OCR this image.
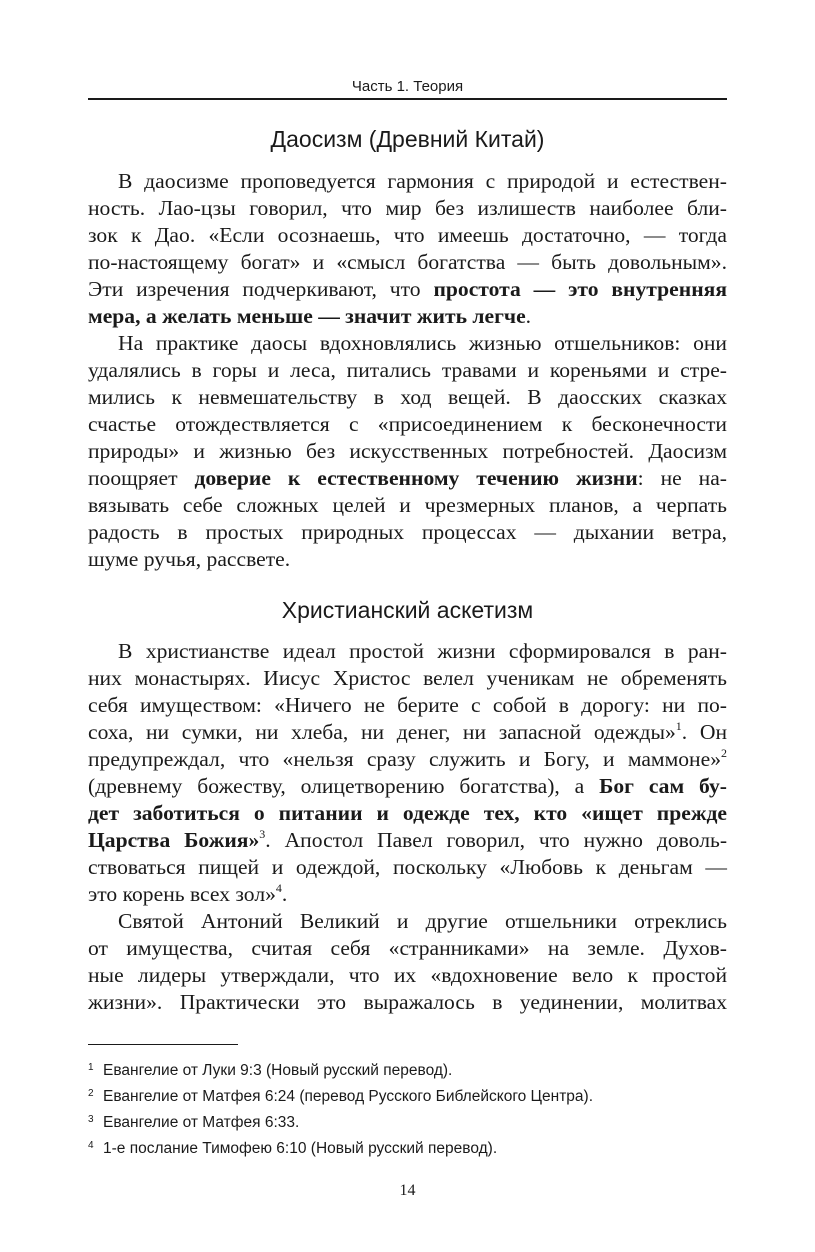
Часть 1. Теория
Даосизм (Древний Китай)
В даосизме проповедуется гармония с природой и естествен-
ность. Лао-цзы говорил, что мир без излишеств наиболее бли-
зок к Дао. «Если осознаешь, что имеешь достаточно, — тогда
по-настоящему богат» и «смысл богатства — быть довольным».
Эти изречения подчеркивают, что простота — это внутренняя
мера, а желать меньше — значит жить легче.
На практике даосы вдохновлялись жизнью отшельников: они
удалялись в горы и леса, питались травами и кореньями и стре-
мились к невмешательству в ход вещей. В даосских сказках
счастье отождествляется с «присоединением к бесконечности
природы» и жизнью без искусственных потребностей. Даосизм
поощряет доверие к естественному течению жизни: не на-
вязывать себе сложных целей и чрезмерных планов, а черпать
радость в простых природных процессах — дыхании ветра,
шуме ручья, рассвете.
Христианский аскетизм
В христианстве идеал простой жизни сформировался в ран-
них монастырях. Иисус Христос велел ученикам не обременять
себя имуществом: «Ничего не берите с собой в дорогу: ни по-
соха, ни сумки, ни хлеба, ни денег, ни запасной одежды»$^1$. Он
предупреждал, что «нельзя сразу служить и Богу, и маммоне»$^2$
(древнему божеству, олицетворению богатства), а Бог сам бу-
дет заботиться о питании и одежде тех, кто «ищет прежде
Царства Божия»$^3$. Апостол Павел говорил, что нужно доволь-
ствоваться пищей и одеждой, поскольку «Любовь к деньгам —
это корень всех зол»$^4$.
Святой Антоний Великий и другие отшельники отреклись
от имущества, считая себя «странниками» на земле. Духов-
ные лидеры утверждали, что их «вдохновение вело к простой
жизни». Практически это выражалось в уединении, молитвах
1 Евангелие от Луки 9:3 (Новый русский перевод).
2 Евангелие от Матфея 6:24 (перевод Русского Библейского Центра).
3 Евангелие от Матфея 6:33.
4 1-е послание Тимофею 6:10 (Новый русский перевод).
14
